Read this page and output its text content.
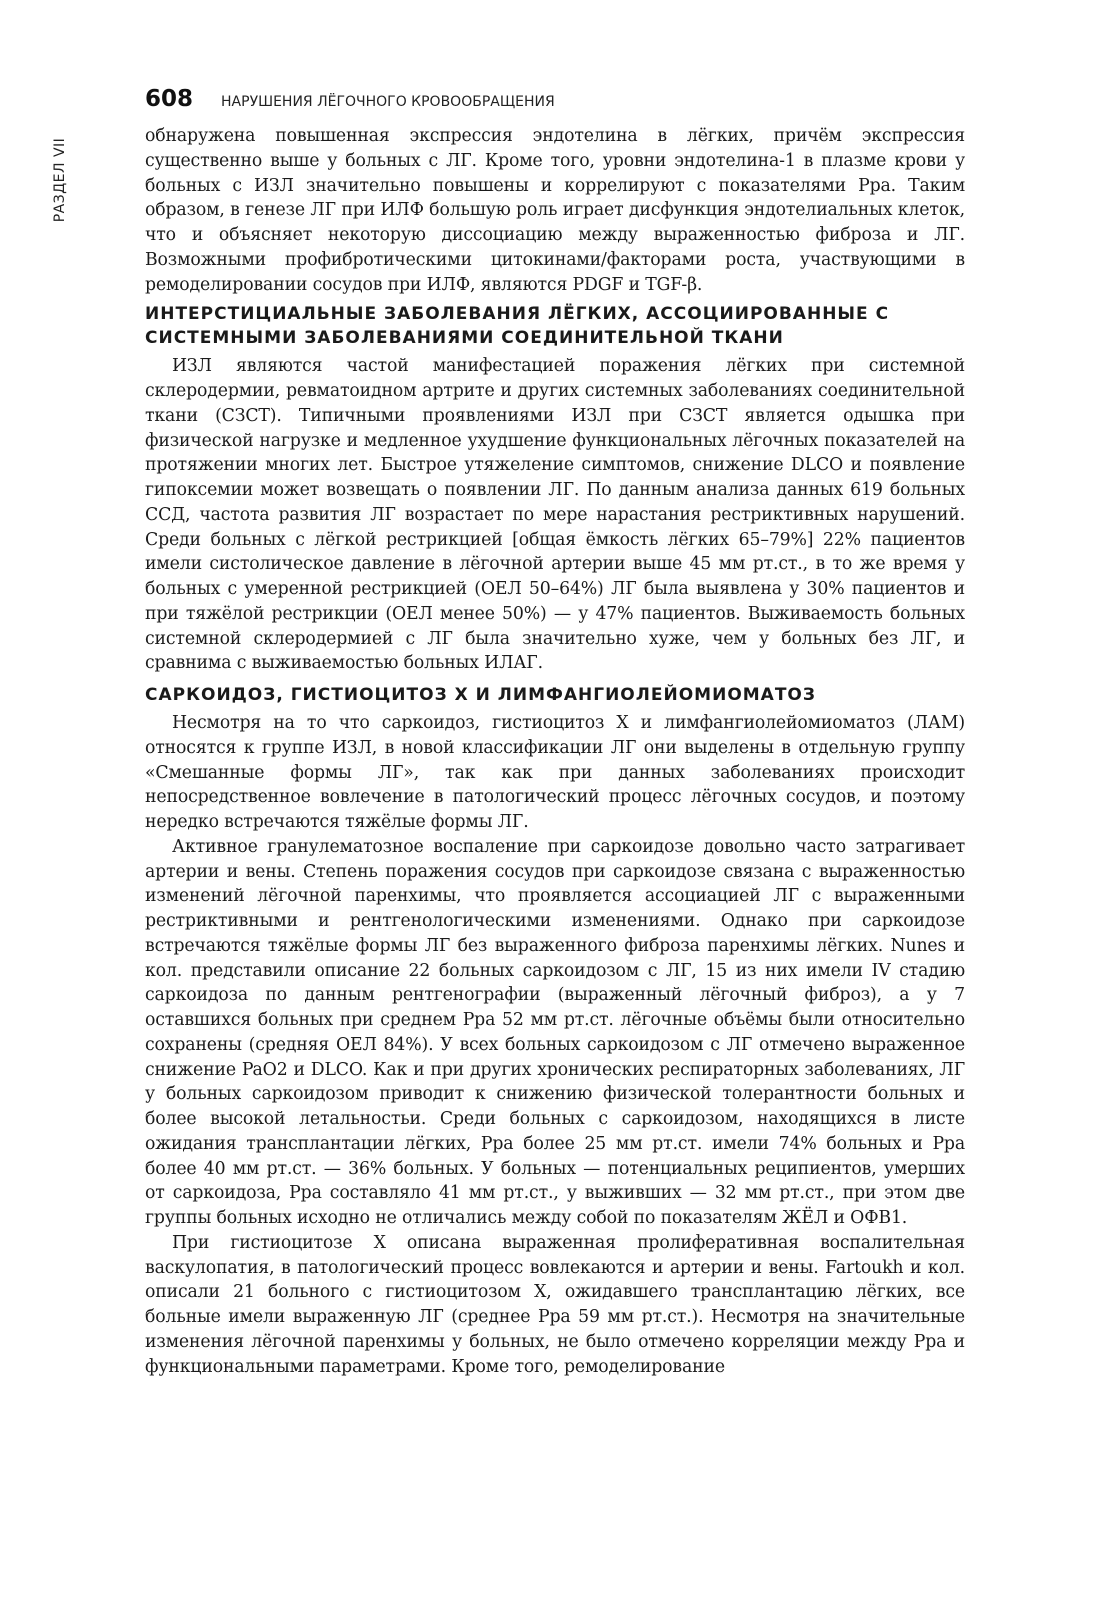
РАЗДЕЛ VII
608 НАРУШЕНИЯ ЛЁГОЧНОГО КРОВООБРАЩЕНИЯ

обнаружена повышенная экспрессия эндотелина в лёгких, причём экспрессия существенно выше у больных с ЛГ. Кроме того, уровни эндотелина-1 в плазме крови у больных с ИЗЛ значительно повышены и коррелируют с показателями Ppa. Таким образом, в генезе ЛГ при ИЛФ большую роль играет дисфункция эндотелиальных клеток, что и объясняет некоторую диссоциацию между выраженностью фиброза и ЛГ. Возможными профибротическими цитокинами/факторами роста, участвующими в ремоделировании сосудов при ИЛФ, являются PDGF и TGF-β.

ИНТЕРСТИЦИАЛЬНЫЕ ЗАБОЛЕВАНИЯ ЛЁГКИХ, АССОЦИИРОВАННЫЕ С СИСТЕМНЫМИ ЗАБОЛЕВАНИЯМИ СОЕДИНИТЕЛЬНОЙ ТКАНИ

ИЗЛ являются частой манифестацией поражения лёгких при системной склеродермии, ревматоидном артрите и других системных заболеваниях соединительной ткани (СЗСТ). Типичными проявлениями ИЗЛ при СЗСТ является одышка при физической нагрузке и медленное ухудшение функциональных лёгочных показателей на протяжении многих лет. Быстрое утяжеление симптомов, снижение DLCO и появление гипоксемии может возвещать о появлении ЛГ. По данным анализа данных 619 больных ССД, частота развития ЛГ возрастает по мере нарастания рестриктивных нарушений. Среди больных с лёгкой рестрикцией [общая ёмкость лёгких 65–79%] 22% пациентов имели систолическое давление в лёгочной артерии выше 45 мм рт.ст., в то же время у больных с умеренной рестрикцией (ОЕЛ 50–64%) ЛГ была выявлена у 30% пациентов и при тяжёлой рестрикции (ОЕЛ менее 50%) — у 47% пациентов. Выживаемость больных системной склеродермией с ЛГ была значительно хуже, чем у больных без ЛГ, и сравнима с выживаемостью больных ИЛАГ.

САРКОИДОЗ, ГИСТИОЦИТОЗ X И ЛИМФАНГИОЛЕЙОМИОМАТОЗ

Несмотря на то что саркоидоз, гистиоцитоз X и лимфангиолейомиоматоз (ЛАМ) относятся к группе ИЗЛ, в новой классификации ЛГ они выделены в отдельную группу «Смешанные формы ЛГ», так как при данных заболеваниях происходит непосредственное вовлечение в патологический процесс лёгочных сосудов, и поэтому нередко встречаются тяжёлые формы ЛГ.

Активное гранулематозное воспаление при саркоидозе довольно часто затрагивает артерии и вены. Степень поражения сосудов при саркоидозе связана с выраженностью изменений лёгочной паренхимы, что проявляется ассоциацией ЛГ с выраженными рестриктивными и рентгенологическими изменениями. Однако при саркоидозе встречаются тяжёлые формы ЛГ без выраженного фиброза паренхимы лёгких. Nunes и кол. представили описание 22 больных саркоидозом с ЛГ, 15 из них имели IV стадию саркоидоза по данным рентгенографии (выраженный лёгочный фиброз), а у 7 оставшихся больных при среднем Ppa 52 мм рт.ст. лёгочные объёмы были относительно сохранены (средняя ОЕЛ 84%). У всех больных саркоидозом с ЛГ отмечено выраженное снижение PaO2 и DLCO. Как и при других хронических респираторных заболеваниях, ЛГ у больных саркоидозом приводит к снижению физической толерантности больных и более высокой летальностьи. Среди больных с саркоидозом, находящихся в листе ожидания трансплантации лёгких, Ppa более 25 мм рт.ст. имели 74% больных и Ppa более 40 мм рт.ст. — 36% больных. У больных — потенциальных реципиентов, умерших от саркоидоза, Ppa составляло 41 мм рт.ст., у выживших — 32 мм рт.ст., при этом две группы больных исходно не отличались между собой по показателям ЖЁЛ и ОФВ1.

При гистиоцитозе X описана выраженная пролиферативная воспалительная васкулопатия, в патологический процесс вовлекаются и артерии и вены. Fartoukh и кол. описали 21 больного с гистиоцитозом X, ожидавшего трансплантацию лёгких, все больные имели выраженную ЛГ (среднее Ppa 59 мм рт.ст.). Несмотря на значительные изменения лёгочной паренхимы у больных, не было отмечено корреляции между Ppa и функциональными параметрами. Кроме того, ремоделирование
